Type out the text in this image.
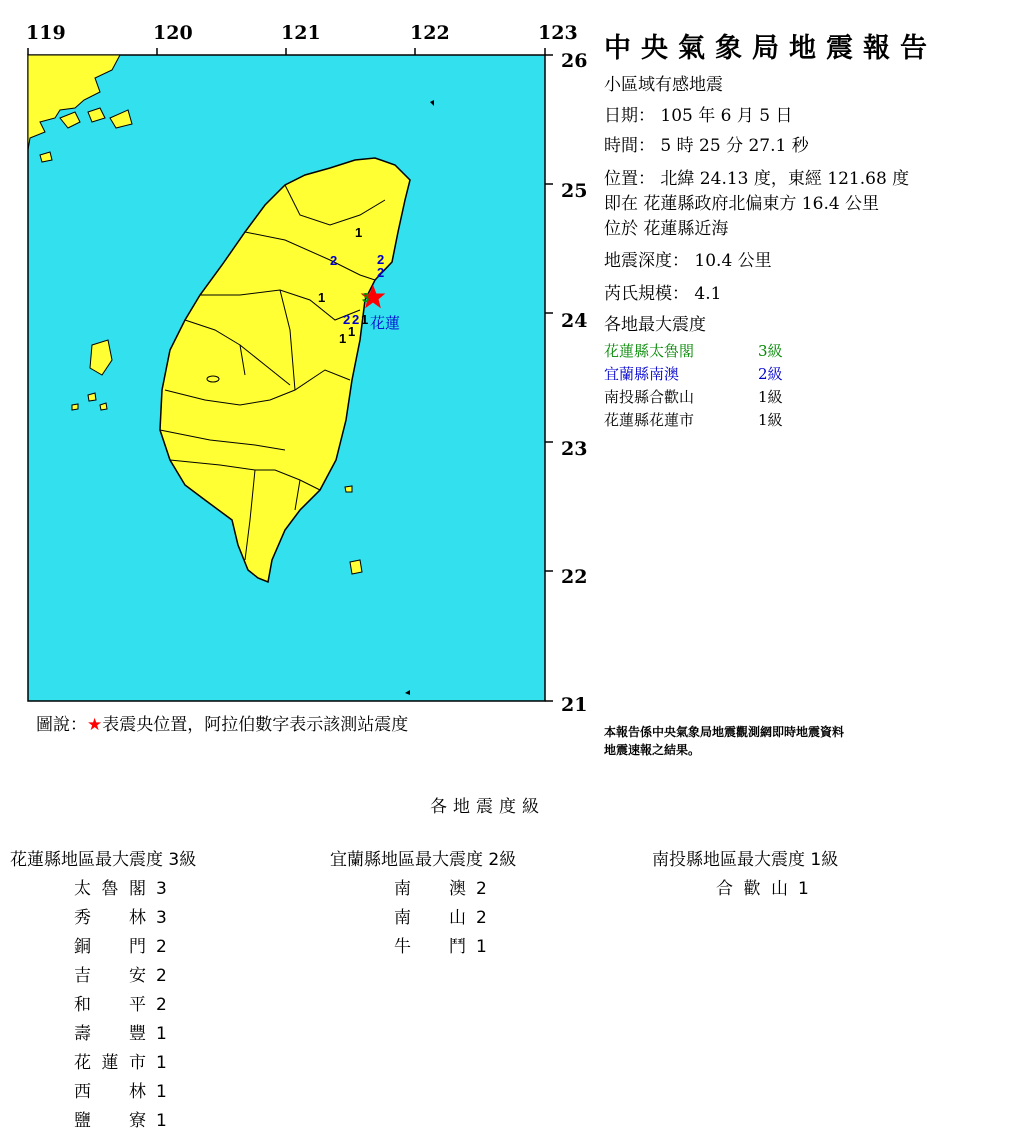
119	120	121	122	123
26
25
24
23
22
21
1
2	2
2
1
2 2 1
1
1
3
花蓮
中央氣象局地震報告
小區域有感地震
日期： 105 年 6 月 5 日
時間： 5 時 25 分 27.1 秒
位置： 北緯 24.13 度，東經 121.68 度
即在 花蓮縣政府北偏東方 16.4 公里
位於 花蓮縣近海
地震深度： 10.4 公里
芮氏規模： 4.1
各地最大震度
花蓮縣太魯閣	3級
宜蘭縣南澳	2級
南投縣合歡山	1級
花蓮縣花蓮市	1級
圖說：★表震央位置，阿拉伯數字表示該測站震度	本報告係中央氣象局地震觀測網即時地震資料
地震速報之結果。
各地震度級
花蓮縣地區最大震度 3級
太魯閣 3
秀林 3
銅門 2
吉安 2
和平 2
壽豐 1
花蓮市 1
西林 1
鹽寮 1
宜蘭縣地區最大震度 2級
南澳 2
南山 2
牛鬥 1
南投縣地區最大震度 1級
合歡山 1
